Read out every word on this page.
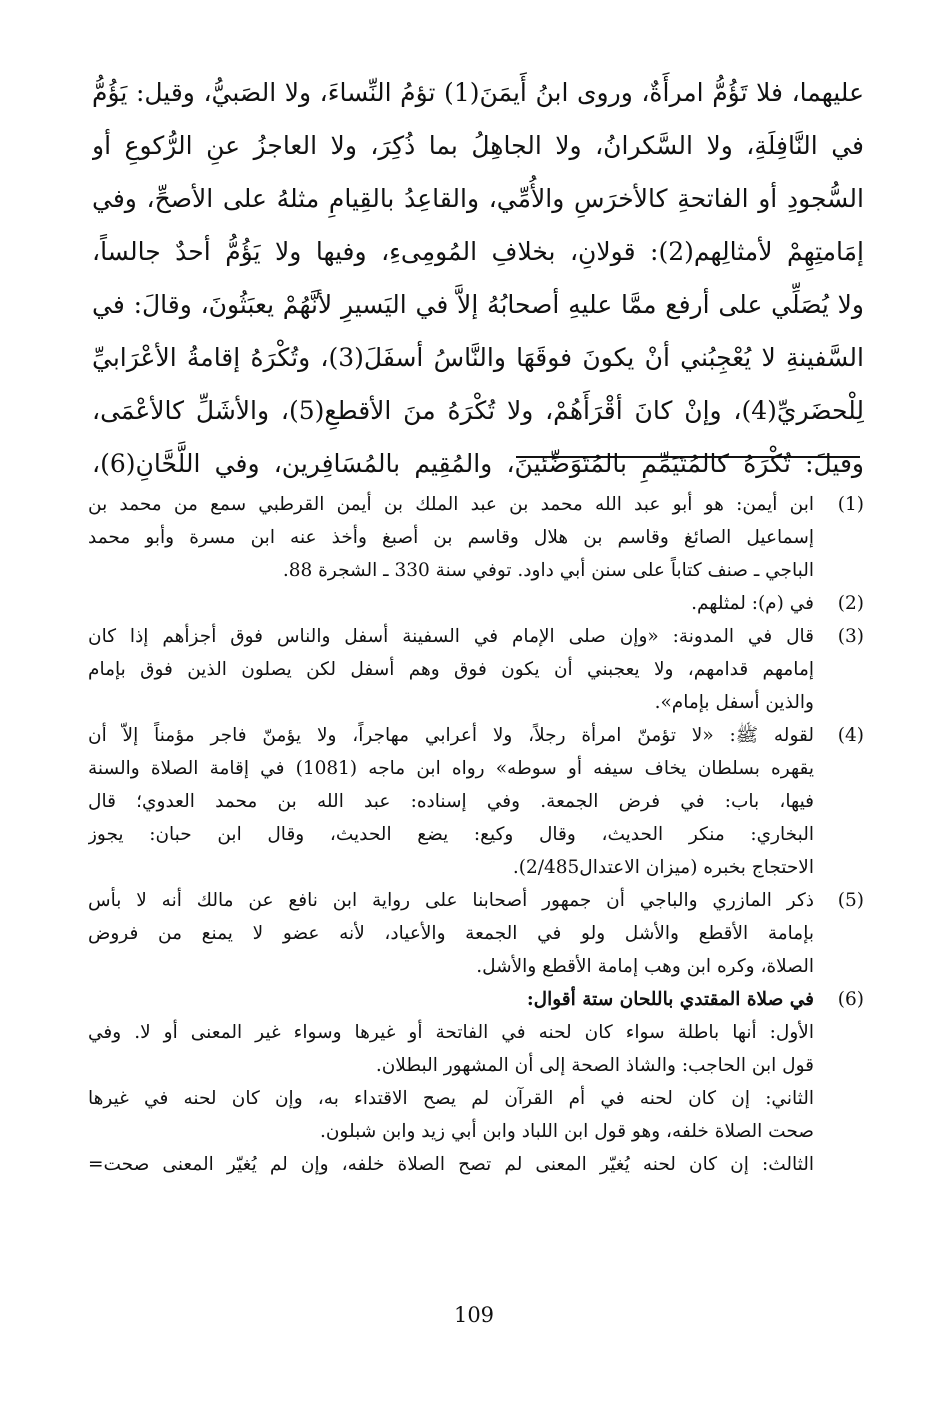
عليهما، فلا تَؤُمُّ امرأَةٌ، وروى ابنُ أَيمَنَ(1) تؤمُ النِّساءَ، ولا الصَبيُّ، وقيل: يَؤُمُّ
في النَّافِلَةِ، ولا السَّكرانُ، ولا الجاهِلُ بما ذُكِرَ، ولا العاجزُ عنِ الرُّكوعِ أو
السُّجودِ أو الفاتحةِ كالأخرَسِ والأُمِّي، والقاعِدُ بالقِيامِ مثلهُ على الأصحِّ، وفي
إمَامتِهِمْ لأمثالِهم(2): قولانِ، بخلافِ المُومِىءِ، وفيها ولا يَؤُمُّ أحدٌ جالساً،
ولا يُصَلِّي على أرفع ممَّا عليهِ أصحابُهُ إلاَّ في اليَسيرِ لأنَّهُمْ يعبَثُونَ، وقالَ: في
السَّفينةِ لا يُعْجِبُني أنْ يكونَ فوقَهَا والنَّاسُ أسفَلَ(3)، وتُكْرَهُ إقامةُ الأعْرَابيِّ
لِلْحضَريِّ(4)، وإنْ كانَ أقْرَأَهُمْ، ولا تُكْرَهُ منَ الأقطعِ(5)، والأشَلِّ كالأعْمَى،
وقيلَ: تُكْرَهُ كالمُتَيَمِّمِ بالمُتَوَضِّئينَ، والمُقِيم بالمُسَافِرين، وفي اللَّحَّانِ(6)،
(1)
ابن أيمن: هو أبو عبد الله محمد بن عبد الملك بن أيمن القرطبي سمع من محمد بن
إسماعيل الصائغ وقاسم بن هلال وقاسم بن أصبغ وأخذ عنه ابن مسرة وأبو محمد
الباجي ـ صنف كتاباً على سنن أبي داود. توفي سنة 330 ـ الشجرة 88.
(2)
في (م): لمثلهم.
(3)
قال في المدونة: «وإن صلى الإمام في السفينة أسفل والناس فوق أجزأهم إذا كان
إمامهم قدامهم، ولا يعجبني أن يكون فوق وهم أسفل لكن يصلون الذين فوق بإمام
والذين أسفل بإمام».
(4)
لقوله ﷺ: «لا تؤمنّ امرأة رجلاً، ولا أعرابي مهاجراً، ولا يؤمنّ فاجر مؤمناً إلاّ أن
يقهره بسلطان يخاف سيفه أو سوطه» رواه ابن ماجه (1081) في إقامة الصلاة والسنة
فيها، باب: في فرض الجمعة. وفي إسناده: عبد الله بن محمد العدوي؛ قال
البخاري: منكر الحديث، وقال وكيع: يضع الحديث، وقال ابن حبان: يجوز
الاحتجاج بخبره (ميزان الاعتدال2/485).
(5)
ذكر المازري والباجي أن جمهور أصحابنا على رواية ابن نافع عن مالك أنه لا بأس
بإمامة الأقطع والأشل ولو في الجمعة والأعياد، لأنه عضو لا يمنع من فروض
الصلاة، وكره ابن وهب إمامة الأقطع والأشل.
(6)
في صلاة المقتدي باللحان ستة أقوال:
الأول: أنها باطلة سواء كان لحنه في الفاتحة أو غيرها وسواء غير المعنى أو لا. وفي
قول ابن الحاجب: والشاذ الصحة إلى أن المشهور البطلان.
الثاني: إن كان لحنه في أم القرآن لم يصح الاقتداء به، وإن كان لحنه في غيرها
صحت الصلاة خلفه، وهو قول ابن اللباد وابن أبي زيد وابن شبلون.
الثالث: إن كان لحنه يُغيّر المعنى لم تصح الصلاة خلفه، وإن لم يُغيّر المعنى صحت=
109
